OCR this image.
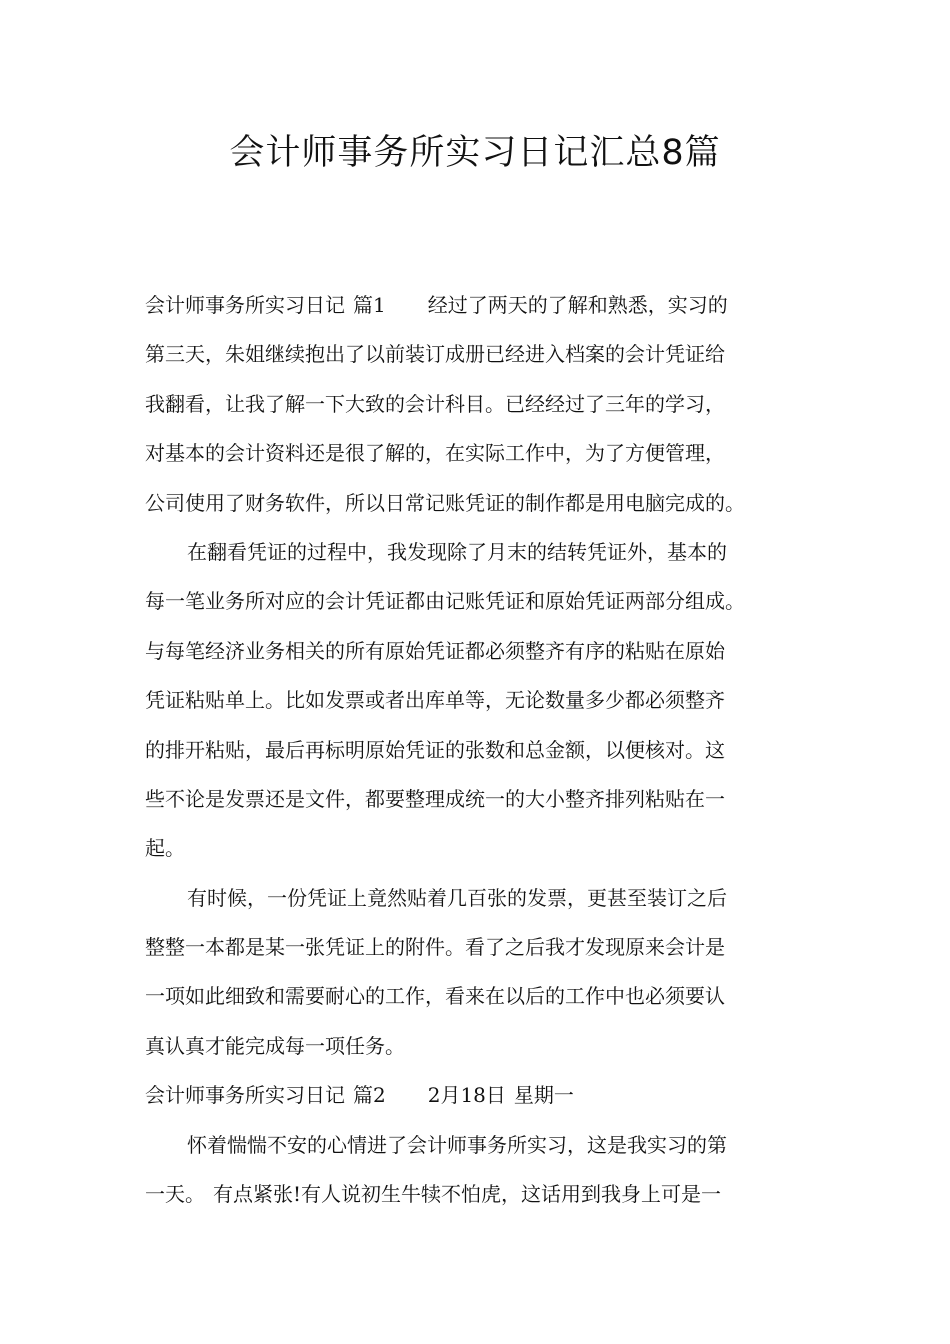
会计师事务所实习日记汇总8篇
会计师事务所实习日记 篇1 经过了两天的了解和熟悉，实习的
第三天，朱姐继续抱出了以前装订成册已经进入档案的会计凭证给
我翻看，让我了解一下大致的会计科目。已经经过了三年的学习，
对基本的会计资料还是很了解的，在实际工作中，为了方便管理，
公司使用了财务软件，所以日常记账凭证的制作都是用电脑完成的。
在翻看凭证的过程中，我发现除了月末的结转凭证外，基本的
每一笔业务所对应的会计凭证都由记账凭证和原始凭证两部分组成。
与每笔经济业务相关的所有原始凭证都必须整齐有序的粘贴在原始
凭证粘贴单上。比如发票或者出库单等，无论数量多少都必须整齐
的排开粘贴，最后再标明原始凭证的张数和总金额，以便核对。这
些不论是发票还是文件，都要整理成统一的大小整齐排列粘贴在一
起。
有时候，一份凭证上竟然贴着几百张的发票，更甚至装订之后
整整一本都是某一张凭证上的附件。看了之后我才发现原来会计是
一项如此细致和需要耐心的工作，看来在以后的工作中也必须要认
真认真才能完成每一项任务。
会计师事务所实习日记 篇2 2月18日 星期一
怀着惴惴不安的心情进了会计师事务所实习，这是我实习的第
一天。 有点紧张!有人说初生牛犊不怕虎，这话用到我身上可是一
